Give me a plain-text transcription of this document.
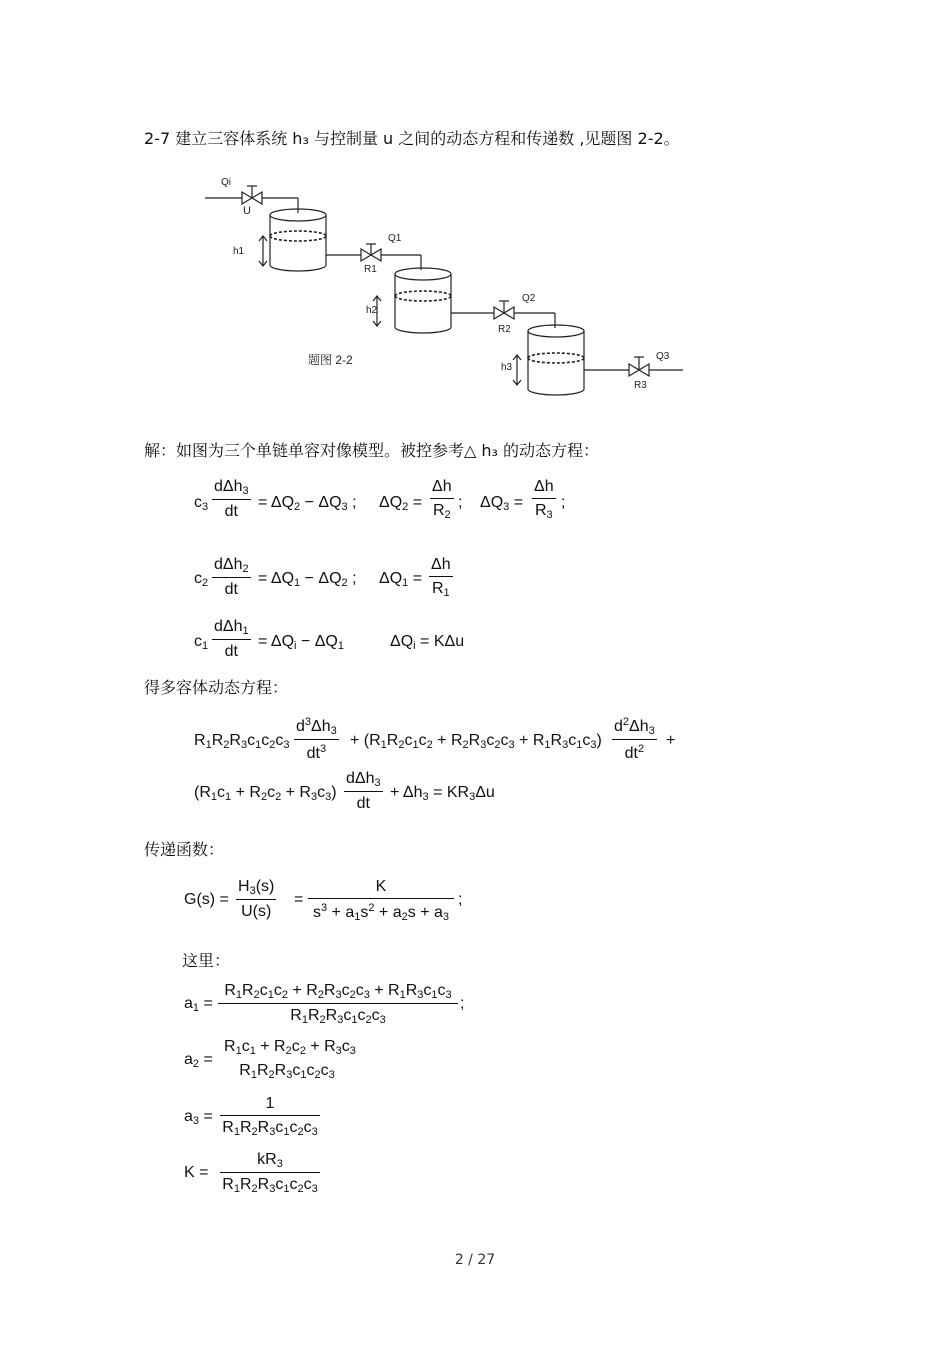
2-7 建立三容体系统 h₃ 与控制量 u 之间的动态方程和传递数 ,见题图 2-2。
Qi
U
h1
Q1
R1
h2
Q2
R2
h3
Q3
R3
题图 2-2
解：如图为三个单链单容对像模型。被控参考△ h₃ 的动态方程：
$c_3$
dΔh$_3$
dt
= $\Delta Q_2 - \Delta Q_3$ ; $\Delta Q_2 = \frac{\Delta h}{R_2}$ ; $\Delta Q_3 = \frac{\Delta h}{R_3}$ ;
$c_2$
dΔh$_2$
dt
= $\Delta Q_1 - \Delta Q_2$ ; $\Delta Q_1 = \frac{\Delta h}{R_1}$
$c_1$
dΔh$_1$
dt
= $\Delta Q_i - \Delta Q_1$	$\Delta Q_i = K\Delta u$
得多容体动态方程：
$R_1R_2R_3c_1c_2c_3 \frac{d^3\Delta h_3}{dt^3} + (R_1R_2c_1c_2 + R_2R_3c_2c_3 + R_1R_3c_1c_3) \frac{d^2\Delta h_3}{dt^2}$ +
$(R_1c_1 + R_2c_2 + R_3c_3)$
dΔh$_3$
dt
+ $\Delta h_3 = KR_3\Delta u$
传递函数：
$G(s) = \frac{H_3(s)}{U(s)} = \frac{K}{s^3 + a_1s^2 + a_2s + a_3}$ ;
这里：
$a_1 = \frac{R_1R_2c_1c_2 + R_2R_3c_2c_3 + R_1R_3c_1c_3}{R_1R_2R_3c_1c_2c_3}$ ;
$a_2$ =
$R_1c_1 + R_2c_2 + R_3c_3$
$R_1R_2R_3c_1c_2c_3$
$a_3 = \frac{1}{R_1R_2R_3c_1c_2c_3}$
$K = \frac{kR_3}{R_1R_2R_3c_1c_2c_3}$
2 / 27
